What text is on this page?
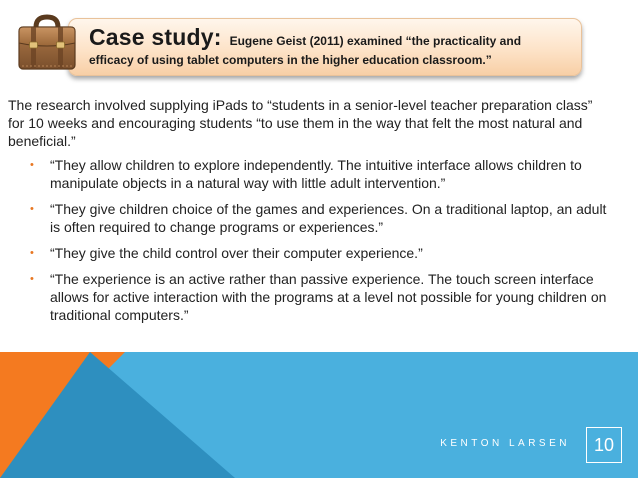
Case study: Eugene Geist (2011) examined “the practicality and
efficacy of using tablet computers in the higher education classroom.”
The research involved supplying iPads to “students in a senior-level teacher preparation class” for 10 weeks and encouraging students “to use them in the way that felt the most natural and beneficial.”
• “They allow children to explore independently. The intuitive interface allows children to manipulate objects in a natural way with little adult intervention.”
• “They give children choice of the games and experiences. On a traditional laptop, an adult is often required to change programs or experiences.”
• “They give the child control over their computer experience.”
• “The experience is an active rather than passive experience. The touch screen interface allows for active interaction with the programs at a level not possible for young children on traditional computers.”
KENTON LARSEN	10
